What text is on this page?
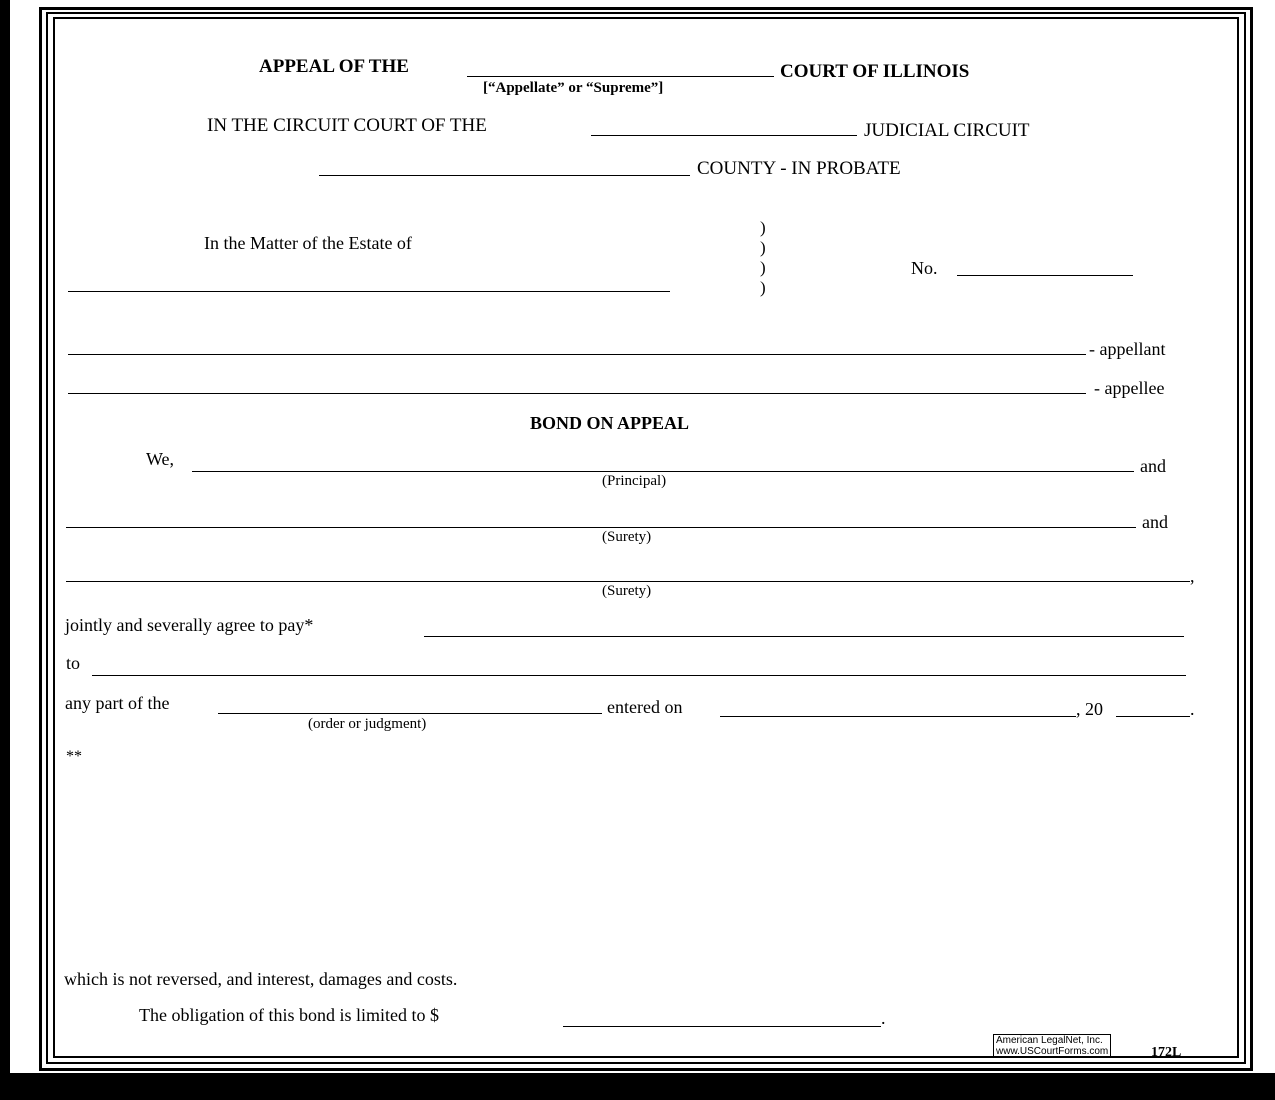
APPEAL OF THE	COURT OF ILLINOIS
[“Appellate” or “Supreme”]
IN THE CIRCUIT COURT OF THE	JUDICIAL CIRCUIT
COUNTY - IN PROBATE
In the Matter of the Estate of
)
)
)
)
No.
- appellant
- appellee
BOND ON APPEAL
We,	and
(Principal)
and
(Surety)
,
(Surety)
jointly and severally agree to pay*
to
any part of the
(order or judgment)
entered on	, 20	.
**
which is not reversed, and interest, damages and costs.
The obligation of this bond is limited to $	.
American LegalNet, Inc.
www.USCourtForms.com	172L
